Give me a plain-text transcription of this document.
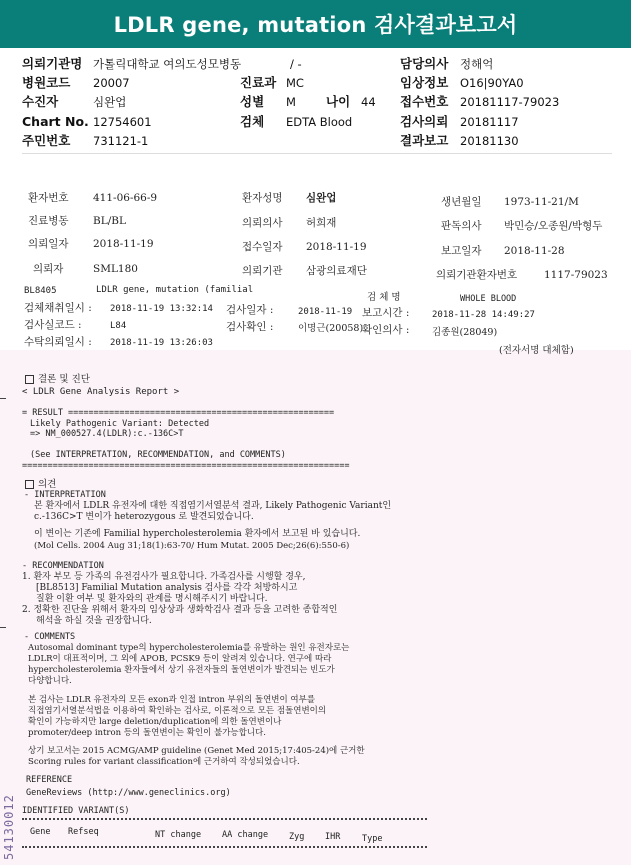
LDLR gene, mutation 검사결과보고서
의뢰기관명 가톨릭대학교 여의도성모병동	/ -	담당의사 정해억
병원코드 20007	진료과 MC	임상정보 O16|90YA0
수진자	심완업	성별 M 나이 44 접수번호 20181117-79023
Chart No. 12754601	검체 EDTA Blood	검사의뢰 20181117
주민번호 731121-1	결과보고 20181130
환자번호 411-06-66-9	환자성명 심완업	생년월일 1973-11-21/M
진료병동 BL/BL	의뢰의사 허희재	판독의사 박민승/오종원/박형두
의뢰일자 2018-11-19	접수일자 2018-11-19	보고일자 2018-11-28
의뢰자	SML180	의뢰기관 삼광의료재단	의뢰기관환자번호	1117-79023
BL8405	LDLR gene, mutation (familial
검 체 명	WHOLE BLOOD
검체채취일시 : 2018-11-19 13:32:14 검사일자 :	2018-11-19 보고시간 :	2018-11-28 14:49:27
검사실코드 :	L84	검사확인 :	이명근(20058)
확인의사 : 김종원(28049)
수탁의뢰일시 : 2018-11-19 13:26:03
(전자서명 대체함)
결론 및 진단
< LDLR Gene Analysis Report >
= RESULT ====================================================
Likely Pathogenic Variant: Detected
=> NM_000527.4(LDLR):c.-136C>T
(See INTERPRETATION, RECOMMENDATION, and COMMENTS)
================================================================
의견
- INTERPRETATION
본 환자에서 LDLR 유전자에 대한 직접염기서열분석 결과, Likely Pathogenic Variant인
c.-136C>T 변이가 heterozygous 로 발견되었습니다.
이 변이는 기존에 Familial hypercholesterolemia 환자에서 보고된 바 있습니다.
(Mol Cells. 2004 Aug 31;18(1):63-70/ Hum Mutat. 2005 Dec;26(6):550-6)
- RECOMMENDATION
1. 환자 부모 등 가족의 유전검사가 필요합니다. 가족검사를 시행할 경우,
[BL8513] Familial Mutation analysis 검사를 각각 처방하시고
질환 이환 여부 및 환자와의 관계를 명시해주시기 바랍니다.
2. 정확한 진단을 위해서 환자의 임상상과 생화학검사 결과 등을 고려한 종합적인
해석을 하실 것을 권장합니다.
- COMMENTS
Autosomal dominant type의 hypercholesterolemia를 유발하는 원인 유전자로는
LDLR이 대표적이며, 그 외에 APOB, PCSK9 등이 알려져 있습니다. 연구에 따라
hypercholesterolemia 환자들에서 상기 유전자들의 돌연변이가 발견되는 빈도가
다양합니다.
본 검사는 LDLR 유전자의 모든 exon과 인접 intron 부위의 돌연변이 여부를
직접염기서열분석법을 이용하여 확인하는 검사로, 이론적으로 모든 점돌연변이의
확인이 가능하지만 large deletion/duplication에 의한 돌연변이나
promoter/deep intron 등의 돌연변이는 확인이 불가능합니다.
상기 보고서는 2015 ACMG/AMP guideline (Genet Med 2015;17:405-24)에 근거한
Scoring rules for variant classification에 근거하여 작성되었습니다.
REFERENCE
GeneReviews (http://www.geneclinics.org)
IDENTIFIED VARIANT(S)
Gene Refseq	NT change AA change Zyg IHR	Type
54130012
